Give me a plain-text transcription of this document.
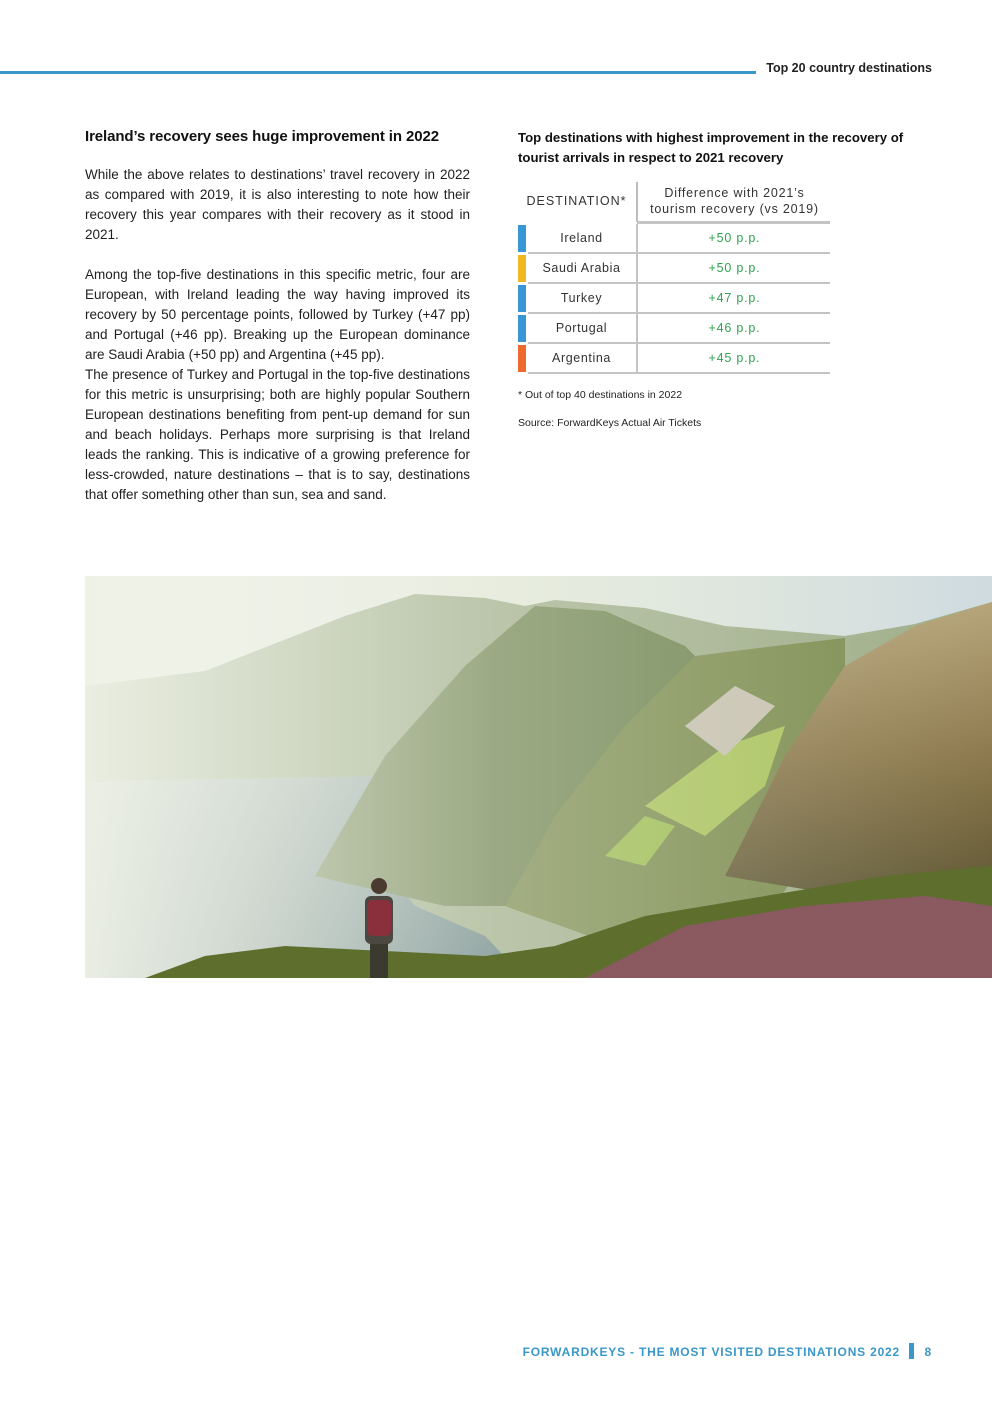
Top 20 country destinations
Ireland’s recovery sees huge improvement in 2022

While the above relates to destinations’ travel recovery in 2022 as compared with 2019, it is also interesting to note how their recovery this year compares with their recovery as it stood in 2021.

Among the top-five destinations in this specific metric, four are European, with Ireland leading the way having improved its recovery by 50 percentage points, followed by Turkey (+47 pp) and Portugal (+46 pp). Breaking up the European dominance are Saudi Arabia (+50 pp) and Argentina (+45 pp).

The presence of Turkey and Portugal in the top-five destinations for this metric is unsurprising; both are highly popular Southern European destinations benefiting from pent-up demand for sun and beach holidays. Perhaps more surprising is that Ireland leads the ranking. This is indicative of a growing preference for less-crowded, nature destinations – that is to say, destinations that offer something other than sun, sea and sand.

Top destinations with highest improvement in the recovery of tourist arrivals in respect to 2021 recovery

DESTINATION*
Difference with 2021’s
tourism recovery (vs 2019)
Ireland	+50 p.p.
Saudi Arabia	+50 p.p.
Turkey	+47 p.p.
Portugal	+46 p.p.
Argentina	+45 p.p.
* Out of top 40 destinations in 2022
Source: ForwardKeys Actual Air Tickets
FORWARDKEYS - THE MOST VISITED DESTINATIONS 2022 8
